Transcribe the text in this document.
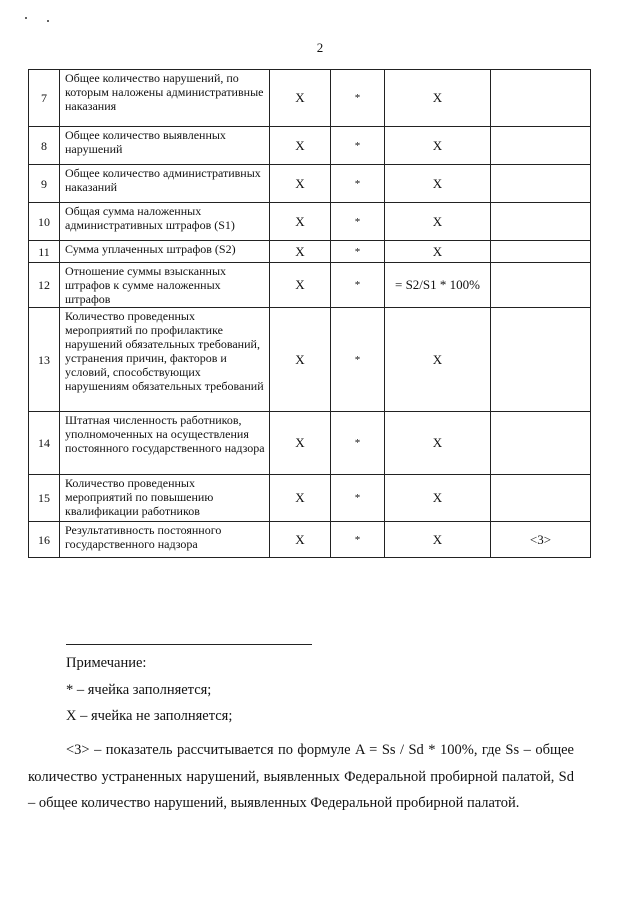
2
7	Общее количество нарушений, по которым наложены административные наказания	X	*	X	
8	Общее количество выявленных нарушений	X	*	X	
9	Общее количество административных наказаний	X	*	X	
10	Общая сумма наложенных административных штрафов (S1)	X	*	X	
11	Сумма уплаченных штрафов (S2)	X	*	X	
12	Отношение суммы взысканных штрафов к сумме наложенных штрафов	X	*	= S2/S1 * 100%	
13	Количество проведенных мероприятий по профилактике нарушений обязательных требований, устранения причин, факторов и условий, способствующих нарушениям обязательных требований	X	*	X	
14	Штатная численность работников, уполномоченных на осуществления постоянного государственного надзора	X	*	X	
15	Количество проведенных мероприятий по повышению квалификации работников	X	*	X	
16	Результативность постоянного государственного надзора	X	*	X	<3>
Примечание:
* – ячейка заполняется;
X – ячейка не заполняется;
<3> – показатель рассчитывается по формуле A = Ss / Sd * 100%, где Ss – общее количество устраненных нарушений, выявленных Федеральной пробирной палатой, Sd – общее количество нарушений, выявленных Федеральной пробирной палатой.
